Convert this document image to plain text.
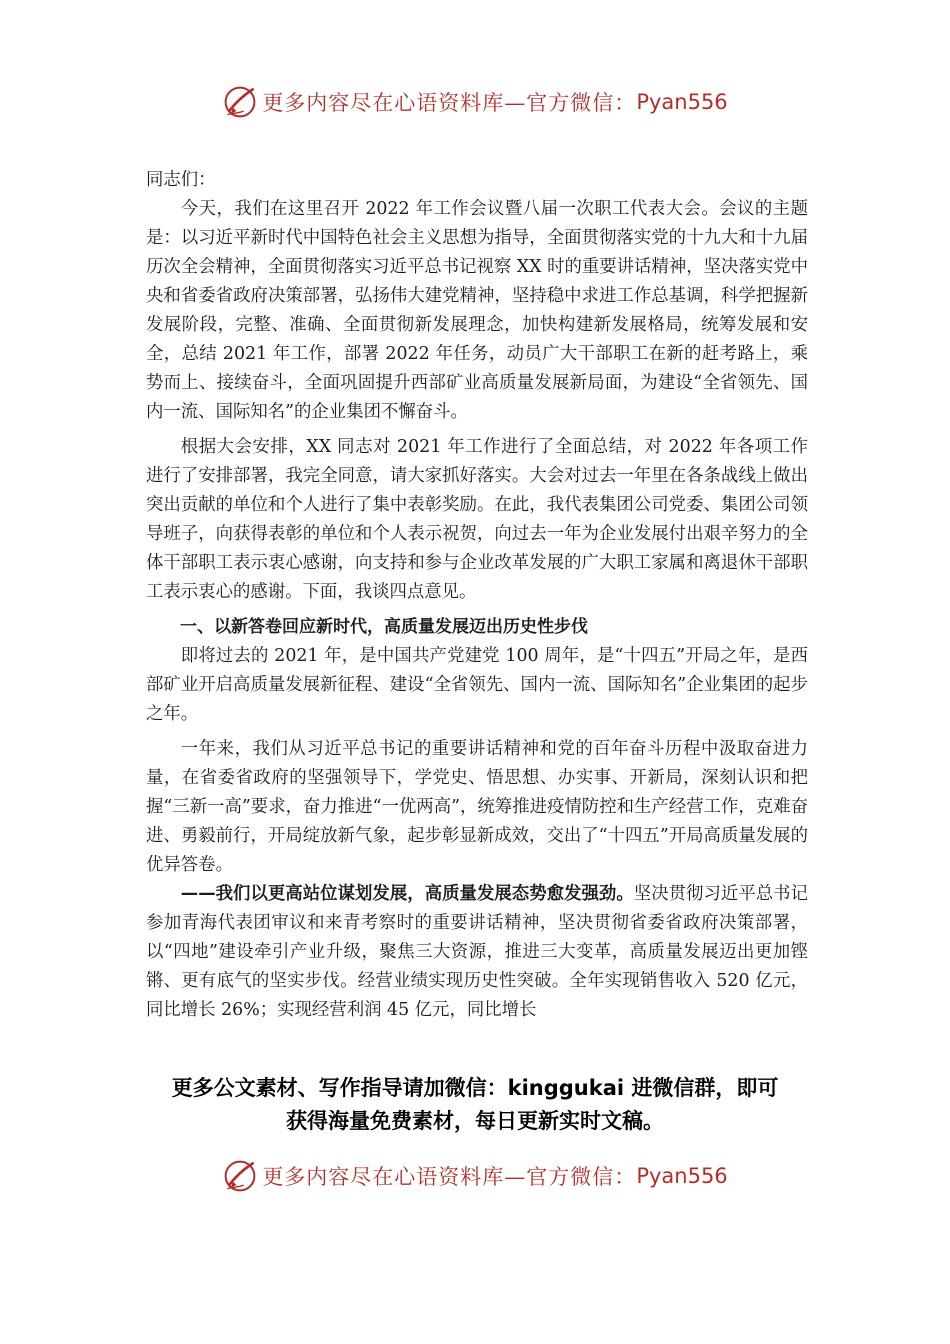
更多内容尽在心语资料库—官方微信： Pyan556

同志们：

今天，我们在这里召开 2022 年工作会议暨八届一次职工代表大会。会议的主题是：以习近平新时代中国特色社会主义思想为指导，全面贯彻落实党的十九大和十九届历次全会精神，全面贯彻落实习近平总书记视察 XX 时的重要讲话精神，坚决落实党中央和省委省政府决策部署，弘扬伟大建党精神，坚持稳中求进工作总基调，科学把握新发展阶段，完整、准确、全面贯彻新发展理念，加快构建新发展格局，统筹发展和安全，总结 2021 年工作，部署 2022 年任务，动员广大干部职工在新的赶考路上，乘势而上、接续奋斗，全面巩固提升西部矿业高质量发展新局面，为建设“全省领先、国内一流、国际知名”的企业集团不懈奋斗。

根据大会安排，XX 同志对 2021 年工作进行了全面总结，对 2022 年各项工作进行了安排部署，我完全同意，请大家抓好落实。大会对过去一年里在各条战线上做出突出贡献的单位和个人进行了集中表彰奖励。在此，我代表集团公司党委、集团公司领导班子，向获得表彰的单位和个人表示祝贺，向过去一年为企业发展付出艰辛努力的全体干部职工表示衷心感谢，向支持和参与企业改革发展的广大职工家属和离退休干部职工表示衷心的感谢。下面，我谈四点意见。

一、以新答卷回应新时代，高质量发展迈出历史性步伐

即将过去的 2021 年，是中国共产党建党 100 周年，是“十四五”开局之年，是西部矿业开启高质量发展新征程、建设“全省领先、国内一流、国际知名”企业集团的起步之年。

一年来，我们从习近平总书记的重要讲话精神和党的百年奋斗历程中汲取奋进力量，在省委省政府的坚强领导下，学党史、悟思想、办实事、开新局，深刻认识和把握“三新一高”要求，奋力推进“一优两高”，统筹推进疫情防控和生产经营工作，克难奋进、勇毅前行，开局绽放新气象，起步彰显新成效，交出了“十四五”开局高质量发展的优异答卷。

——我们以更高站位谋划发展，高质量发展态势愈发强劲。坚决贯彻习近平总书记参加青海代表团审议和来青考察时的重要讲话精神，坚决贯彻省委省政府决策部署，以“四地”建设牵引产业升级，聚焦三大资源，推进三大变革，高质量发展迈出更加铿锵、更有底气的坚实步伐。经营业绩实现历史性突破。全年实现销售收入 520 亿元，同比增长 26%；实现经营利润 45 亿元，同比增长

更多公文素材、写作指导请加微信：kinggukai 进微信群，即可
获得海量免费素材，每日更新实时文稿。
更多内容尽在心语资料库—官方微信： Pyan556
